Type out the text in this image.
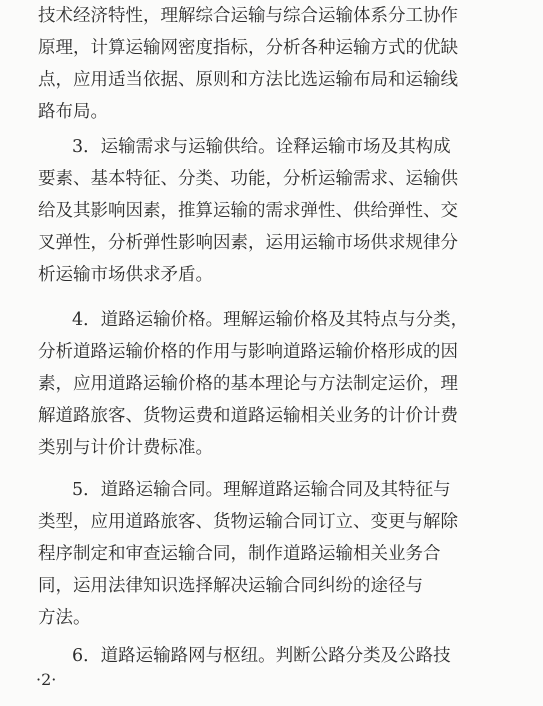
技术经济特性，理解综合运输与综合运输体系分工协作
原理，计算运输网密度指标，分析各种运输方式的优缺
点，应用适当依据、原则和方法比选运输布局和运输线
路布局。
3．运输需求与运输供给。诠释运输市场及其构成
要素、基本特征、分类、功能，分析运输需求、运输供
给及其影响因素，推算运输的需求弹性、供给弹性、交
叉弹性，分析弹性影响因素，运用运输市场供求规律分
析运输市场供求矛盾。
4．道路运输价格。理解运输价格及其特点与分类，
分析道路运输价格的作用与影响道路运输价格形成的因
素，应用道路运输价格的基本理论与方法制定运价，理
解道路旅客、货物运费和道路运输相关业务的计价计费
类别与计价计费标准。
5．道路运输合同。理解道路运输合同及其特征与
类型，应用道路旅客、货物运输合同订立、变更与解除
程序制定和审查运输合同，制作道路运输相关业务合
同，运用法律知识选择解决运输合同纠纷的途径与
方法。
6．道路运输路网与枢纽。判断公路分类及公路技
·2·
